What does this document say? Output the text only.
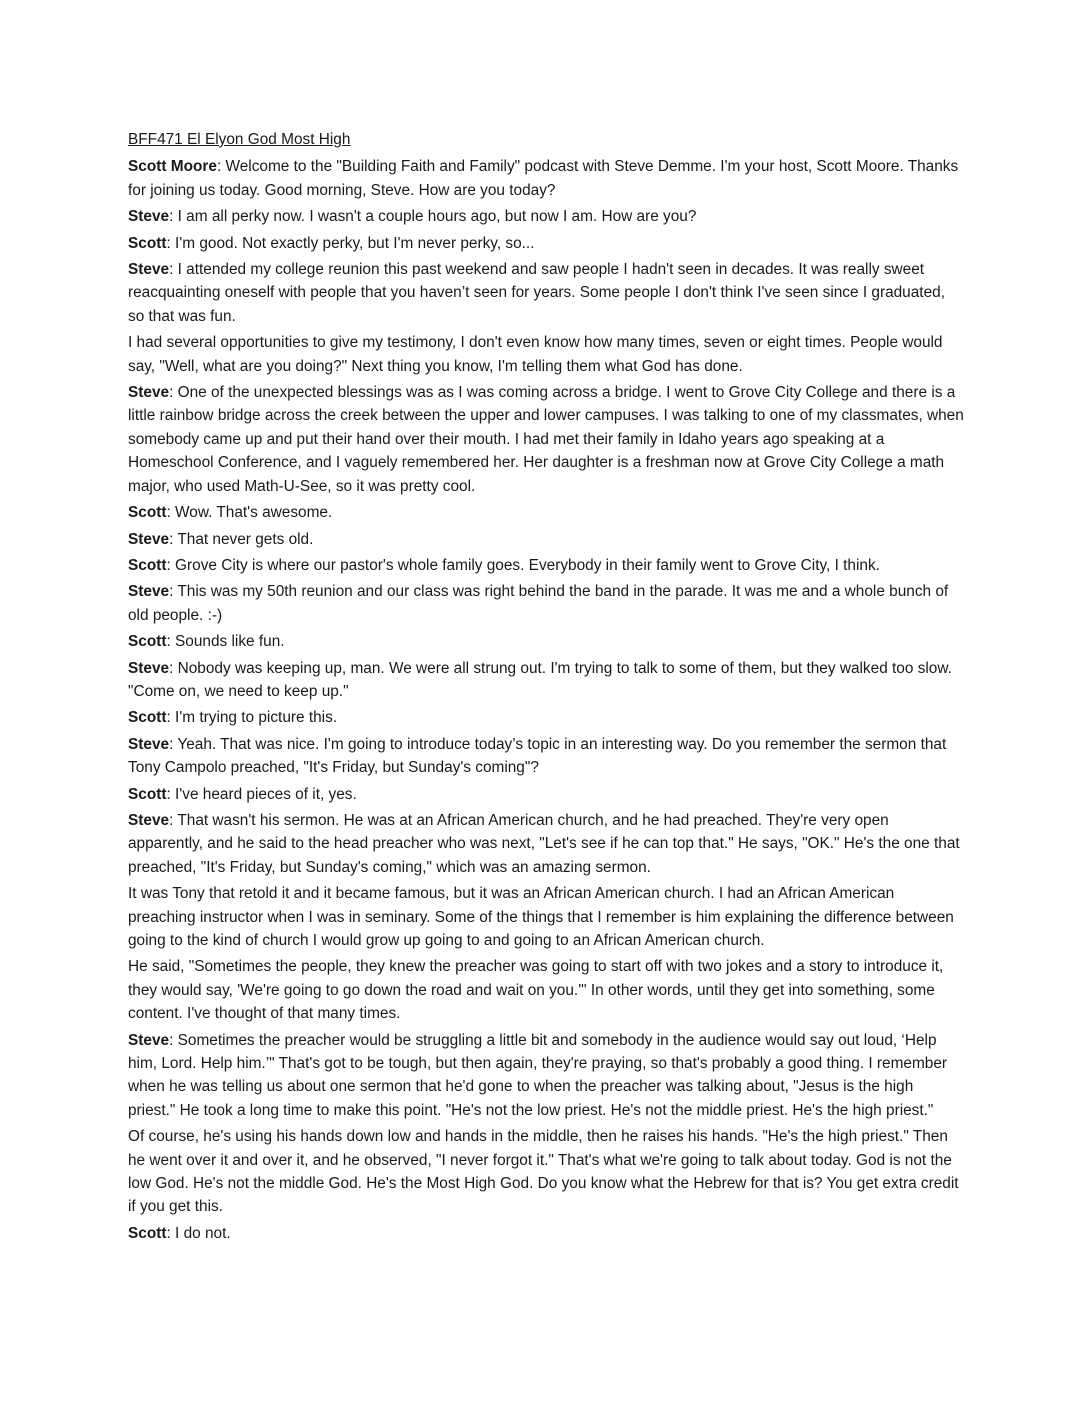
BFF471 El Elyon God Most High

Scott Moore: Welcome to the "Building Faith and Family" podcast with Steve Demme. I'm your host, Scott Moore. Thanks for joining us today. Good morning, Steve. How are you today?

Steve: I am all perky now. I wasn't a couple hours ago, but now I am. How are you?

Scott: I'm good. Not exactly perky, but I'm never perky, so...

Steve: I attended my college reunion this past weekend and saw people I hadn't seen in decades. It was really sweet reacquainting oneself with people that you haven’t seen for years. Some people I don't think I've seen since I graduated, so that was fun.

I had several opportunities to give my testimony, I don't even know how many times, seven or eight times. People would say, "Well, what are you doing?" Next thing you know, I'm telling them what God has done.

Steve: One of the unexpected blessings was as I was coming across a bridge. I went to Grove City College and there is a little rainbow bridge across the creek between the upper and lower campuses. I was talking to one of my classmates, when somebody came up and put their hand over their mouth. I had met their family in Idaho years ago speaking at a Homeschool Conference, and I vaguely remembered her. Her daughter is a freshman now at Grove City College a math major, who used Math-U-See, so it was pretty cool.

Scott: Wow. That's awesome.

Steve: That never gets old.

Scott: Grove City is where our pastor's whole family goes. Everybody in their family went to Grove City, I think.

Steve: This was my 50th reunion and our class was right behind the band in the parade. It was me and a whole bunch of old people. :-)

Scott: Sounds like fun.

Steve: Nobody was keeping up, man. We were all strung out. I'm trying to talk to some of them, but they walked too slow. "Come on, we need to keep up."

Scott: I'm trying to picture this.

Steve: Yeah. That was nice. I'm going to introduce today’s topic in an interesting way. Do you remember the sermon that Tony Campolo preached, "It's Friday, but Sunday's coming"?

Scott: I've heard pieces of it, yes.

Steve: That wasn't his sermon. He was at an African American church, and he had preached. They're very open apparently, and he said to the head preacher who was next, "Let's see if he can top that." He says, "OK." He's the one that preached, "It's Friday, but Sunday's coming," which was an amazing sermon.

It was Tony that retold it and it became famous, but it was an African American church. I had an African American preaching instructor when I was in seminary. Some of the things that I remember is him explaining the difference between going to the kind of church I would grow up going to and going to an African American church.

He said, "Sometimes the people, they knew the preacher was going to start off with two jokes and a story to introduce it, they would say, 'We're going to go down the road and wait on you.'" In other words, until they get into something, some content. I've thought of that many times.

Steve: Sometimes the preacher would be struggling a little bit and somebody in the audience would say out loud, ‘Help him, Lord. Help him.’" That's got to be tough, but then again, they're praying, so that's probably a good thing. I remember when he was telling us about one sermon that he'd gone to when the preacher was talking about, "Jesus is the high priest." He took a long time to make this point. "He's not the low priest. He's not the middle priest. He's the high priest."

Of course, he's using his hands down low and hands in the middle, then he raises his hands. "He's the high priest." Then he went over it and over it, and he observed, "I never forgot it." That's what we're going to talk about today. God is not the low God. He's not the middle God. He's the Most High God. Do you know what the Hebrew for that is? You get extra credit if you get this.

Scott: I do not.
